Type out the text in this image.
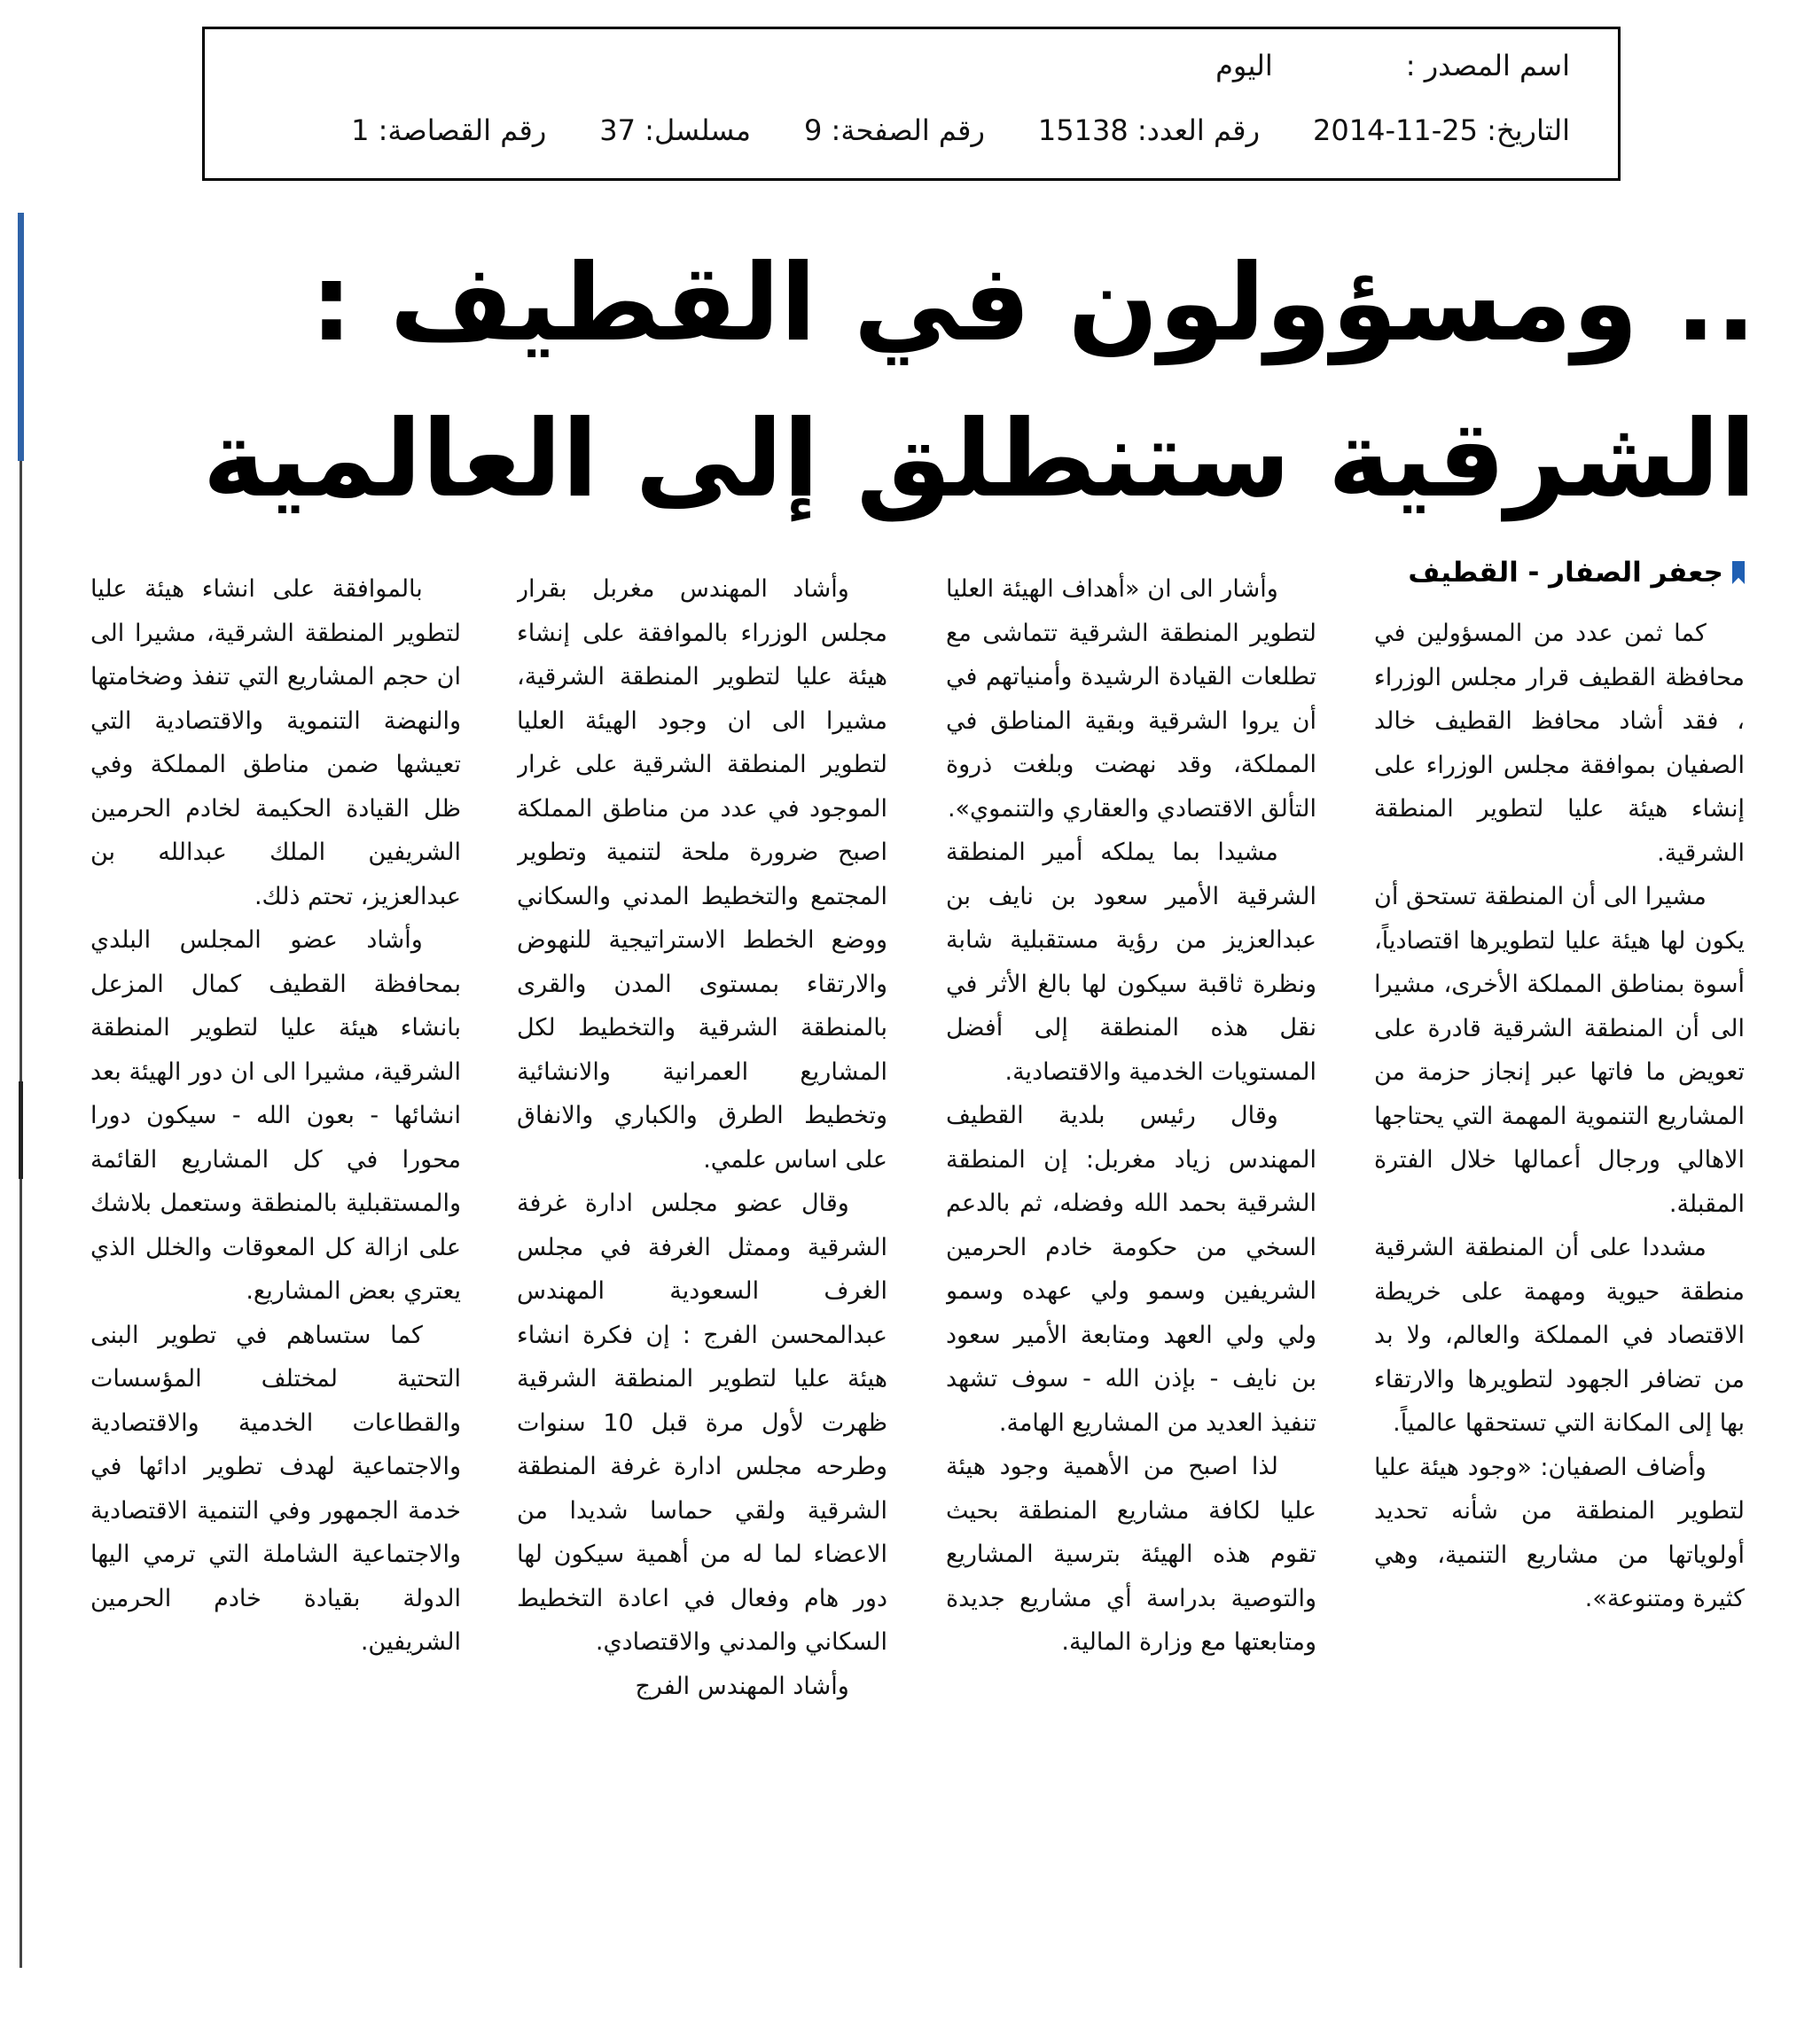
اسم المصدر :
اليوم
التاريخ: 25-11-2014
رقم العدد: 15138
رقم الصفحة: 9
مسلسل: 37
رقم القصاصة: 1
.. ومسؤولون في القطيف : الشرقية ستنطلق إلى العالمية
جعفر الصفار - القطيف

كما ثمن عدد من المسؤولين في محافظة القطيف قرار مجلس الوزراء ، فقد أشاد محافظ القطيف خالد الصفيان بموافقة مجلس الوزراء على إنشاء هيئة عليا لتطوير المنطقة الشرقية.

مشيرا الى أن المنطقة تستحق أن يكون لها هيئة عليا لتطويرها اقتصادياً، أسوة بمناطق المملكة الأخرى، مشيرا الى أن المنطقة الشرقية قادرة على تعويض ما فاتها عبر إنجاز حزمة من المشاريع التنموية المهمة التي يحتاجها الاهالي ورجال أعمالها خلال الفترة المقبلة.

مشددا على أن المنطقة الشرقية منطقة حيوية ومهمة على خريطة الاقتصاد في المملكة والعالم، ولا بد من تضافر الجهود لتطويرها والارتقاء بها إلى المكانة التي تستحقها عالمياً.

وأضاف الصفيان: «وجود هيئة عليا لتطوير المنطقة من شأنه تحديد أولوياتها من مشاريع التنمية، وهي كثيرة ومتنوعة».

وأشار الى ان «أهداف الهيئة العليا لتطوير المنطقة الشرقية تتماشى مع تطلعات القيادة الرشيدة وأمنياتهم في أن يروا الشرقية وبقية المناطق في المملكة، وقد نهضت وبلغت ذروة التألق الاقتصادي والعقاري والتنموي».

مشيدا بما يملكه أمير المنطقة الشرقية الأمير سعود بن نايف بن عبدالعزيز من رؤية مستقبلية شابة ونظرة ثاقبة سيكون لها بالغ الأثر في نقل هذه المنطقة إلى أفضل المستويات الخدمية والاقتصادية.

وقال رئيس بلدية القطيف المهندس زياد مغربل: إن المنطقة الشرقية بحمد الله وفضله، ثم بالدعم السخي من حكومة خادم الحرمين الشريفين وسمو ولي عهده وسمو ولي ولي العهد ومتابعة الأمير سعود بن نايف - بإذن الله - سوف تشهد تنفيذ العديد من المشاريع الهامة.

لذا اصبح من الأهمية وجود هيئة عليا لكافة مشاريع المنطقة بحيث تقوم هذه الهيئة بترسية المشاريع والتوصية بدراسة أي مشاريع جديدة ومتابعتها مع وزارة المالية.

وأشاد المهندس مغربل بقرار مجلس الوزراء بالموافقة على إنشاء هيئة عليا لتطوير المنطقة الشرقية، مشيرا الى ان وجود الهيئة العليا لتطوير المنطقة الشرقية على غرار الموجود في عدد من مناطق المملكة اصبح ضرورة ملحة لتنمية وتطوير المجتمع والتخطيط المدني والسكاني ووضع الخطط الاستراتيجية للنهوض والارتقاء بمستوى المدن والقرى بالمنطقة الشرقية والتخطيط لكل المشاريع العمرانية والانشائية وتخطيط الطرق والكباري والانفاق على اساس علمي.

وقال عضو مجلس ادارة غرفة الشرقية وممثل الغرفة في مجلس الغرف السعودية المهندس عبدالمحسن الفرج : إن فكرة انشاء هيئة عليا لتطوير المنطقة الشرقية ظهرت لأول مرة قبل 10 سنوات وطرحه مجلس ادارة غرفة المنطقة الشرقية ولقي حماسا شديدا من الاعضاء لما له من أهمية سيكون لها دور هام وفعال في اعادة التخطيط السكاني والمدني والاقتصادي.

وأشاد المهندس الفرج

بالموافقة على انشاء هيئة عليا لتطوير المنطقة الشرقية، مشيرا الى ان حجم المشاريع التي تنفذ وضخامتها والنهضة التنموية والاقتصادية التي تعيشها ضمن مناطق المملكة وفي ظل القيادة الحكيمة لخادم الحرمين الشريفين الملك عبدالله بن عبدالعزيز، تحتم ذلك.

وأشاد عضو المجلس البلدي بمحافظة القطيف كمال المزعل بانشاء هيئة عليا لتطوير المنطقة الشرقية، مشيرا الى ان دور الهيئة بعد انشائها - بعون الله - سيكون دورا محورا في كل المشاريع القائمة والمستقبلية بالمنطقة وستعمل بلاشك على ازالة كل المعوقات والخلل الذي يعتري بعض المشاريع.

كما ستساهم في تطوير البنى التحتية لمختلف المؤسسات والقطاعات الخدمية والاقتصادية والاجتماعية لهدف تطوير ادائها في خدمة الجمهور وفي التنمية الاقتصادية والاجتماعية الشاملة التي ترمي اليها الدولة بقيادة خادم الحرمين الشريفين.
